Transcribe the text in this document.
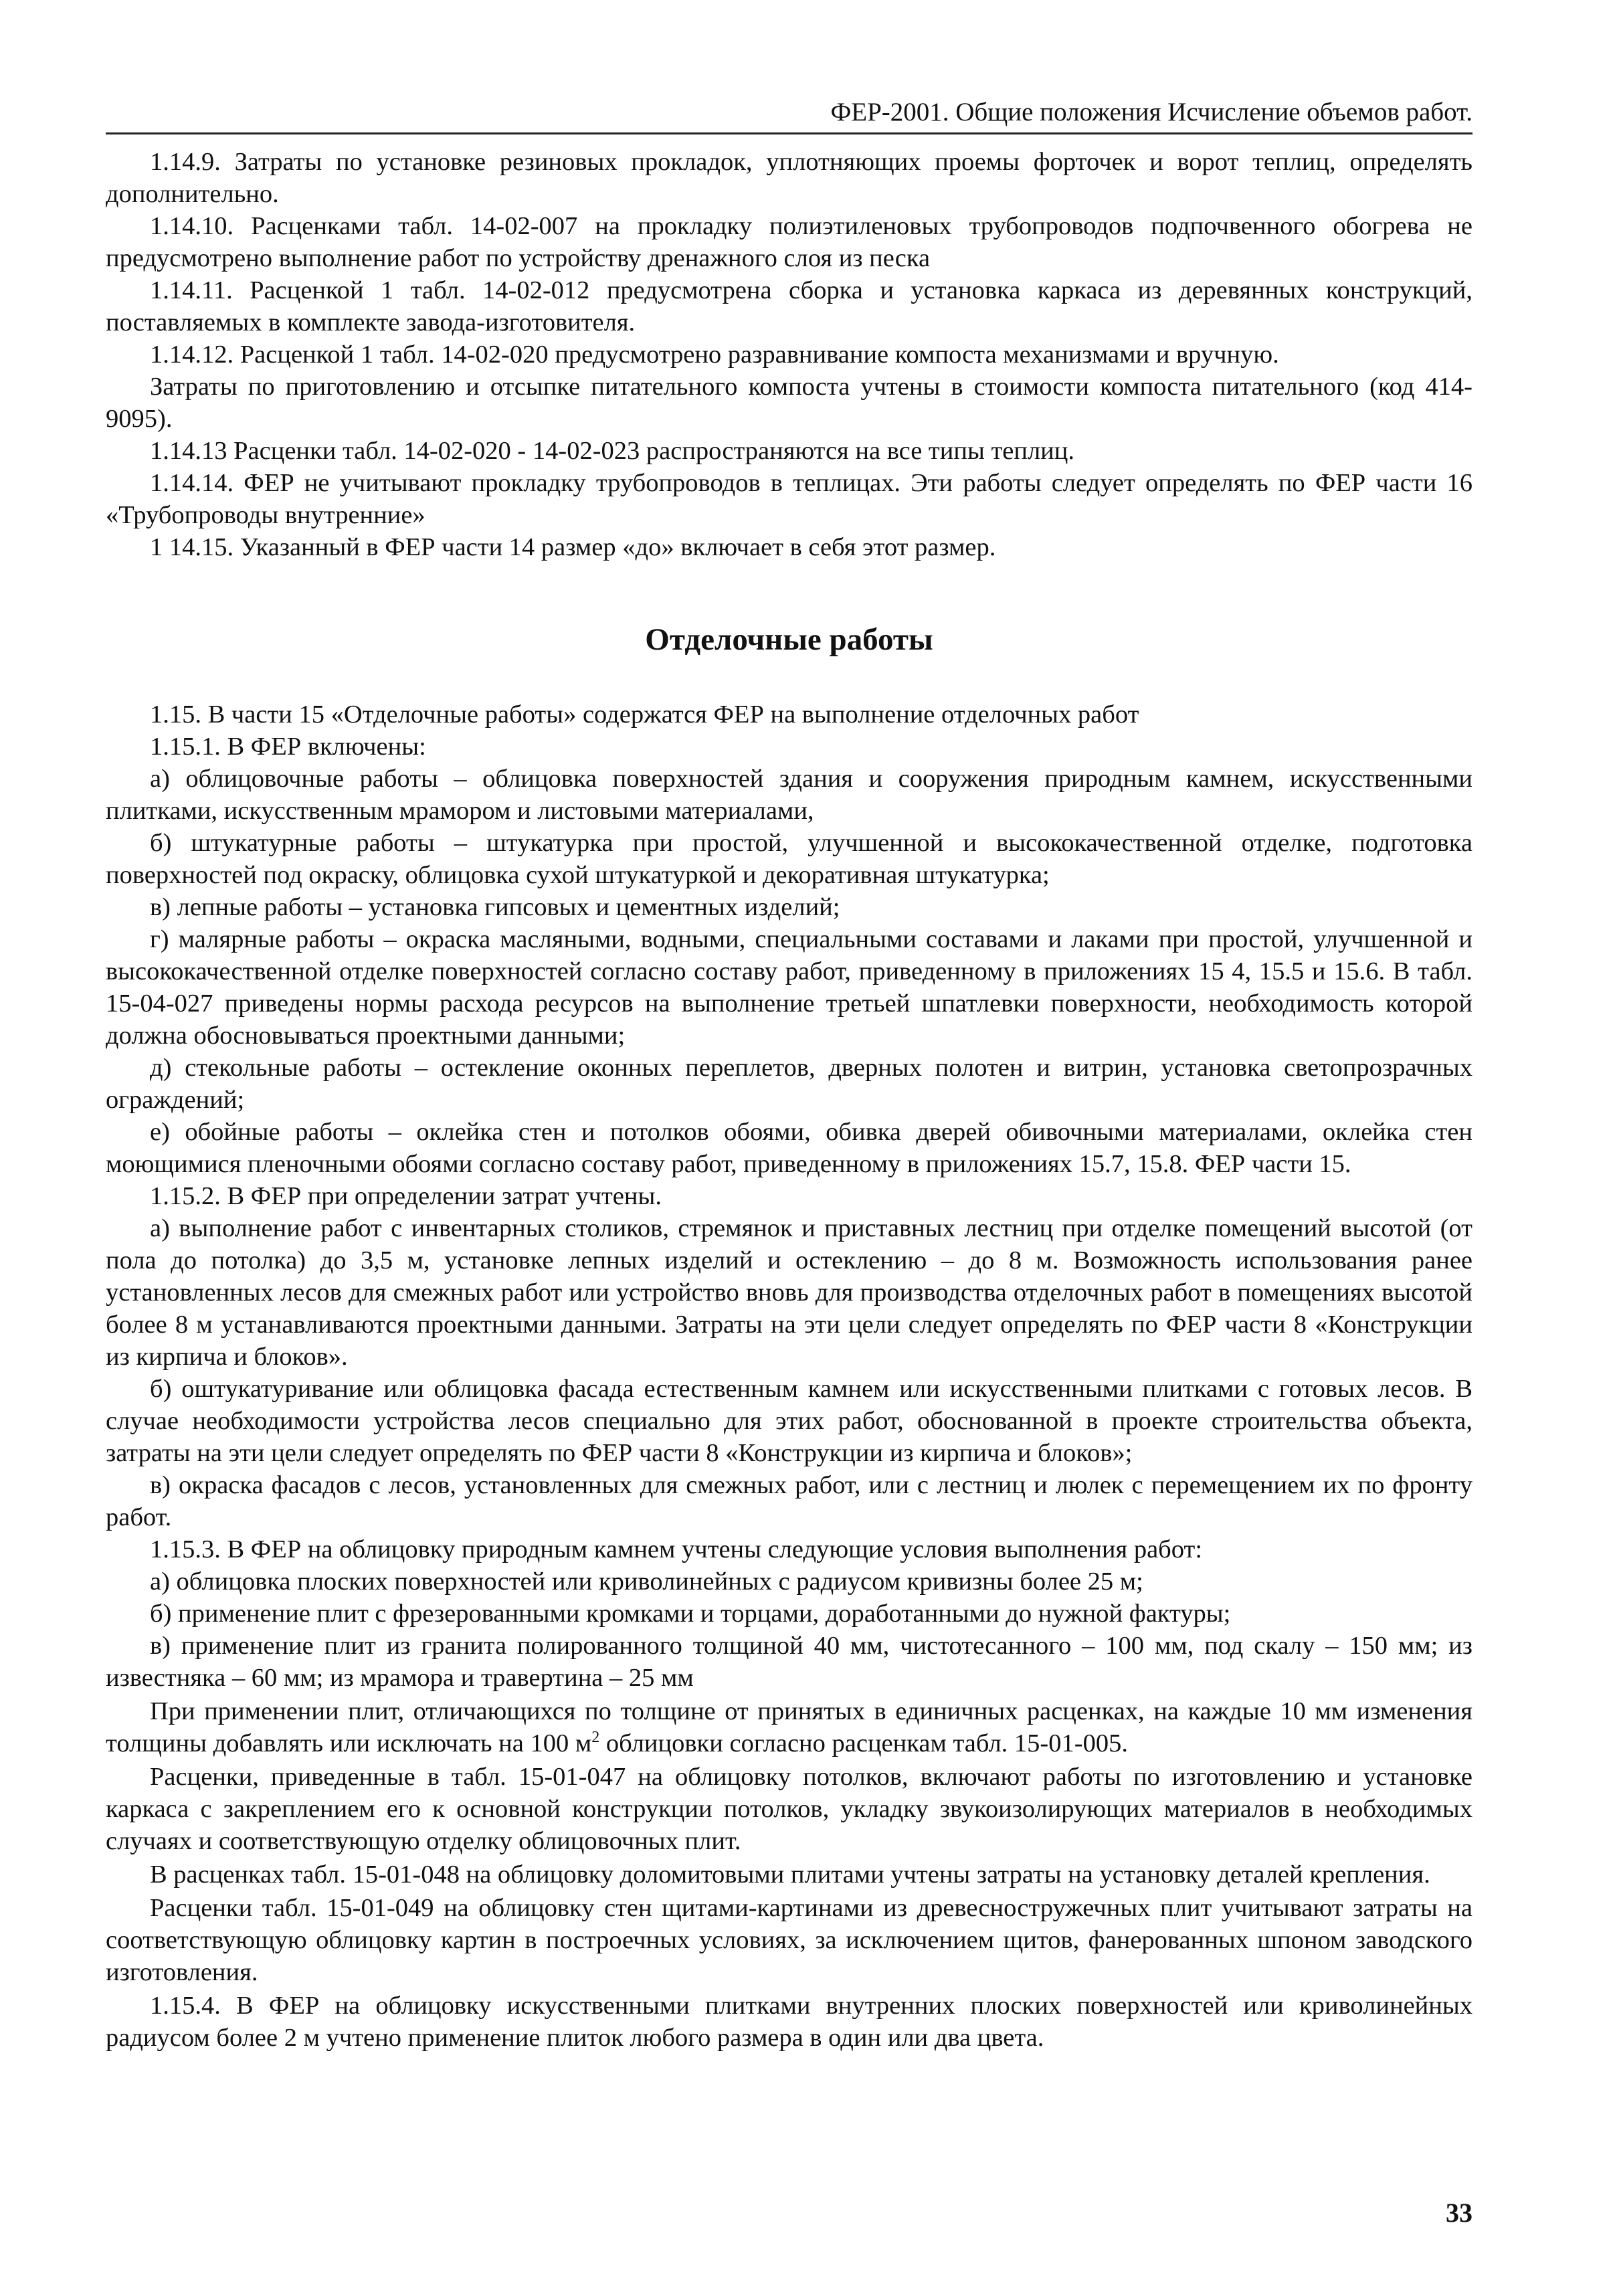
ФЕР-2001. Общие положения Исчисление объемов работ.

1.14.9. Затраты по установке резиновых прокладок, уплотняющих проемы форточек и ворот теплиц, определять дополнительно.

1.14.10. Расценками табл. 14-02-007 на прокладку полиэтиленовых трубопроводов подпочвенного обогрева не предусмотрено выполнение работ по устройству дренажного слоя из песка

1.14.11. Расценкой 1 табл. 14-02-012 предусмотрена сборка и установка каркаса из деревянных конструкций, поставляемых в комплекте завода-изготовителя.

1.14.12. Расценкой 1 табл. 14-02-020 предусмотрено разравнивание компоста механизмами и вручную.

Затраты по приготовлению и отсыпке питательного компоста учтены в стоимости компоста питательного (код 414-9095).

1.14.13 Расценки табл. 14-02-020 - 14-02-023 распространяются на все типы теплиц.

1.14.14. ФЕР не учитывают прокладку трубопроводов в теплицах. Эти работы следует определять по ФЕР части 16 «Трубопроводы внутренние»

1 14.15. Указанный в ФЕР части 14 размер «до» включает в себя этот размер.

Отделочные работы

1.15. В части 15 «Отделочные работы» содержатся ФЕР на выполнение отделочных работ

1.15.1. В ФЕР включены:

а) облицовочные работы – облицовка поверхностей здания и сооружения природным камнем, искусственными плитками, искусственным мрамором и листовыми материалами,

б) штукатурные работы – штукатурка при простой, улучшенной и высококачественной отделке, подготовка поверхностей под окраску, облицовка сухой штукатуркой и декоративная штукатурка;

в) лепные работы – установка гипсовых и цементных изделий;

г) малярные работы – окраска масляными, водными, специальными составами и лаками при простой, улучшенной и высококачественной отделке поверхностей согласно составу работ, приведенному в приложениях 15 4, 15.5 и 15.6. В табл. 15-04-027 приведены нормы расхода ресурсов на выполнение третьей шпатлевки поверхности, необходимость которой должна обосновываться проектными данными;

д) стекольные работы – остекление оконных переплетов, дверных полотен и витрин, установка светопрозрачных ограждений;

е) обойные работы – оклейка стен и потолков обоями, обивка дверей обивочными материалами, оклейка стен моющимися пленочными обоями согласно составу работ, приведенному в приложениях 15.7, 15.8. ФЕР части 15.

1.15.2. В ФЕР при определении затрат учтены.

а) выполнение работ с инвентарных столиков, стремянок и приставных лестниц при отделке помещений высотой (от пола до потолка) до 3,5 м, установке лепных изделий и остеклению – до 8 м. Возможность использования ранее установленных лесов для смежных работ или устройство вновь для производства отделочных работ в помещениях высотой более 8 м устанавливаются проектными данными. Затраты на эти цели следует определять по ФЕР части 8 «Конструкции из кирпича и блоков».

б) оштукатуривание или облицовка фасада естественным камнем или искусственными плитками с готовых лесов. В случае необходимости устройства лесов специально для этих работ, обоснованной в проекте строительства объекта, затраты на эти цели следует определять по ФЕР части 8 «Конструкции из кирпича и блоков»;

в) окраска фасадов с лесов, установленных для смежных работ, или с лестниц и люлек с перемещением их по фронту работ.

1.15.3. В ФЕР на облицовку природным камнем учтены следующие условия выполнения работ:

а) облицовка плоских поверхностей или криволинейных с радиусом кривизны более 25 м;

б) применение плит с фрезерованными кромками и торцами, доработанными до нужной фактуры;

в) применение плит из гранита полированного толщиной 40 мм, чистотесанного – 100 мм, под скалу – 150 мм; из известняка – 60 мм; из мрамора и травертина – 25 мм

При применении плит, отличающихся по толщине от принятых в единичных расценках, на каждые 10 мм изменения толщины добавлять или исключать на 100 $м^2$ облицовки согласно расценкам табл. 15-01-005.

Расценки, приведенные в табл. 15-01-047 на облицовку потолков, включают работы по изготовлению и установке каркаса с закреплением его к основной конструкции потолков, укладку звукоизолирующих материалов в необходимых случаях и соответствующую отделку облицовочных плит.

В расценках табл. 15-01-048 на облицовку доломитовыми плитами учтены затраты на установку деталей крепления.

Расценки табл. 15-01-049 на облицовку стен щитами-картинами из древесностружечных плит учитывают затраты на соответствующую облицовку картин в построечных условиях, за исключением щитов, фанерованных шпоном заводского изготовления.

1.15.4. В ФЕР на облицовку искусственными плитками внутренних плоских поверхностей или криволинейных радиусом более 2 м учтено применение плиток любого размера в один или два цвета.

33
